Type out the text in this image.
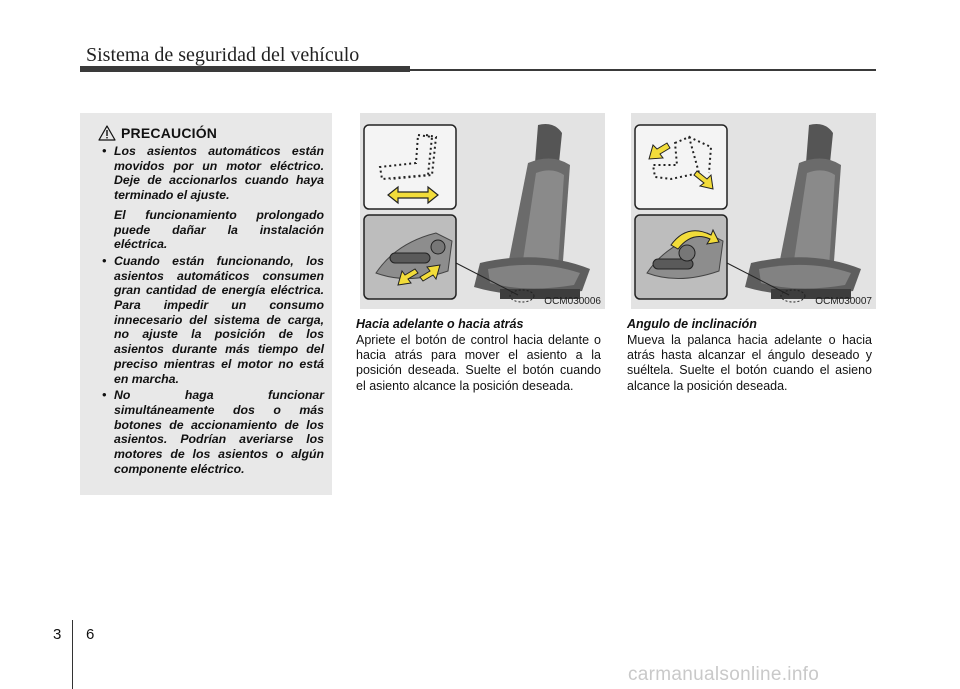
Sistema de seguridad del vehículo
PRECAUCIÓN
• Los asientos automáticos están movidos por un motor eléctrico. Deje de accionarlos cuando haya terminado el ajuste.
El funcionamiento prolongado puede dañar la instalación eléctrica.
• Cuando están funcionando, los asientos automáticos consumen gran cantidad de energía eléctrica. Para impedir un consumo innecesario del sistema de carga, no ajuste la posición de los asientos durante más tiempo del preciso mientras el motor no está en marcha.
• No haga funcionar simultáneamente dos o más botones de accionamiento de los asientos. Podrían averiarse los motores de los asientos o algún componente eléctrico.
OCM030006	OCM030007
Hacia adelante o hacia atrás
Apriete el botón de control hacia delante o hacia atrás para mover el asiento a la posición deseada. Suelte el botón cuando el asiento alcance la posición deseada.
Angulo de inclinación
Mueva la palanca hacia adelante o hacia atrás hasta alcanzar el ángulo deseado y suéltela. Suelte el botón cuando el asieno alcance la posición deseada.
3 6
carmanualsonline.info
